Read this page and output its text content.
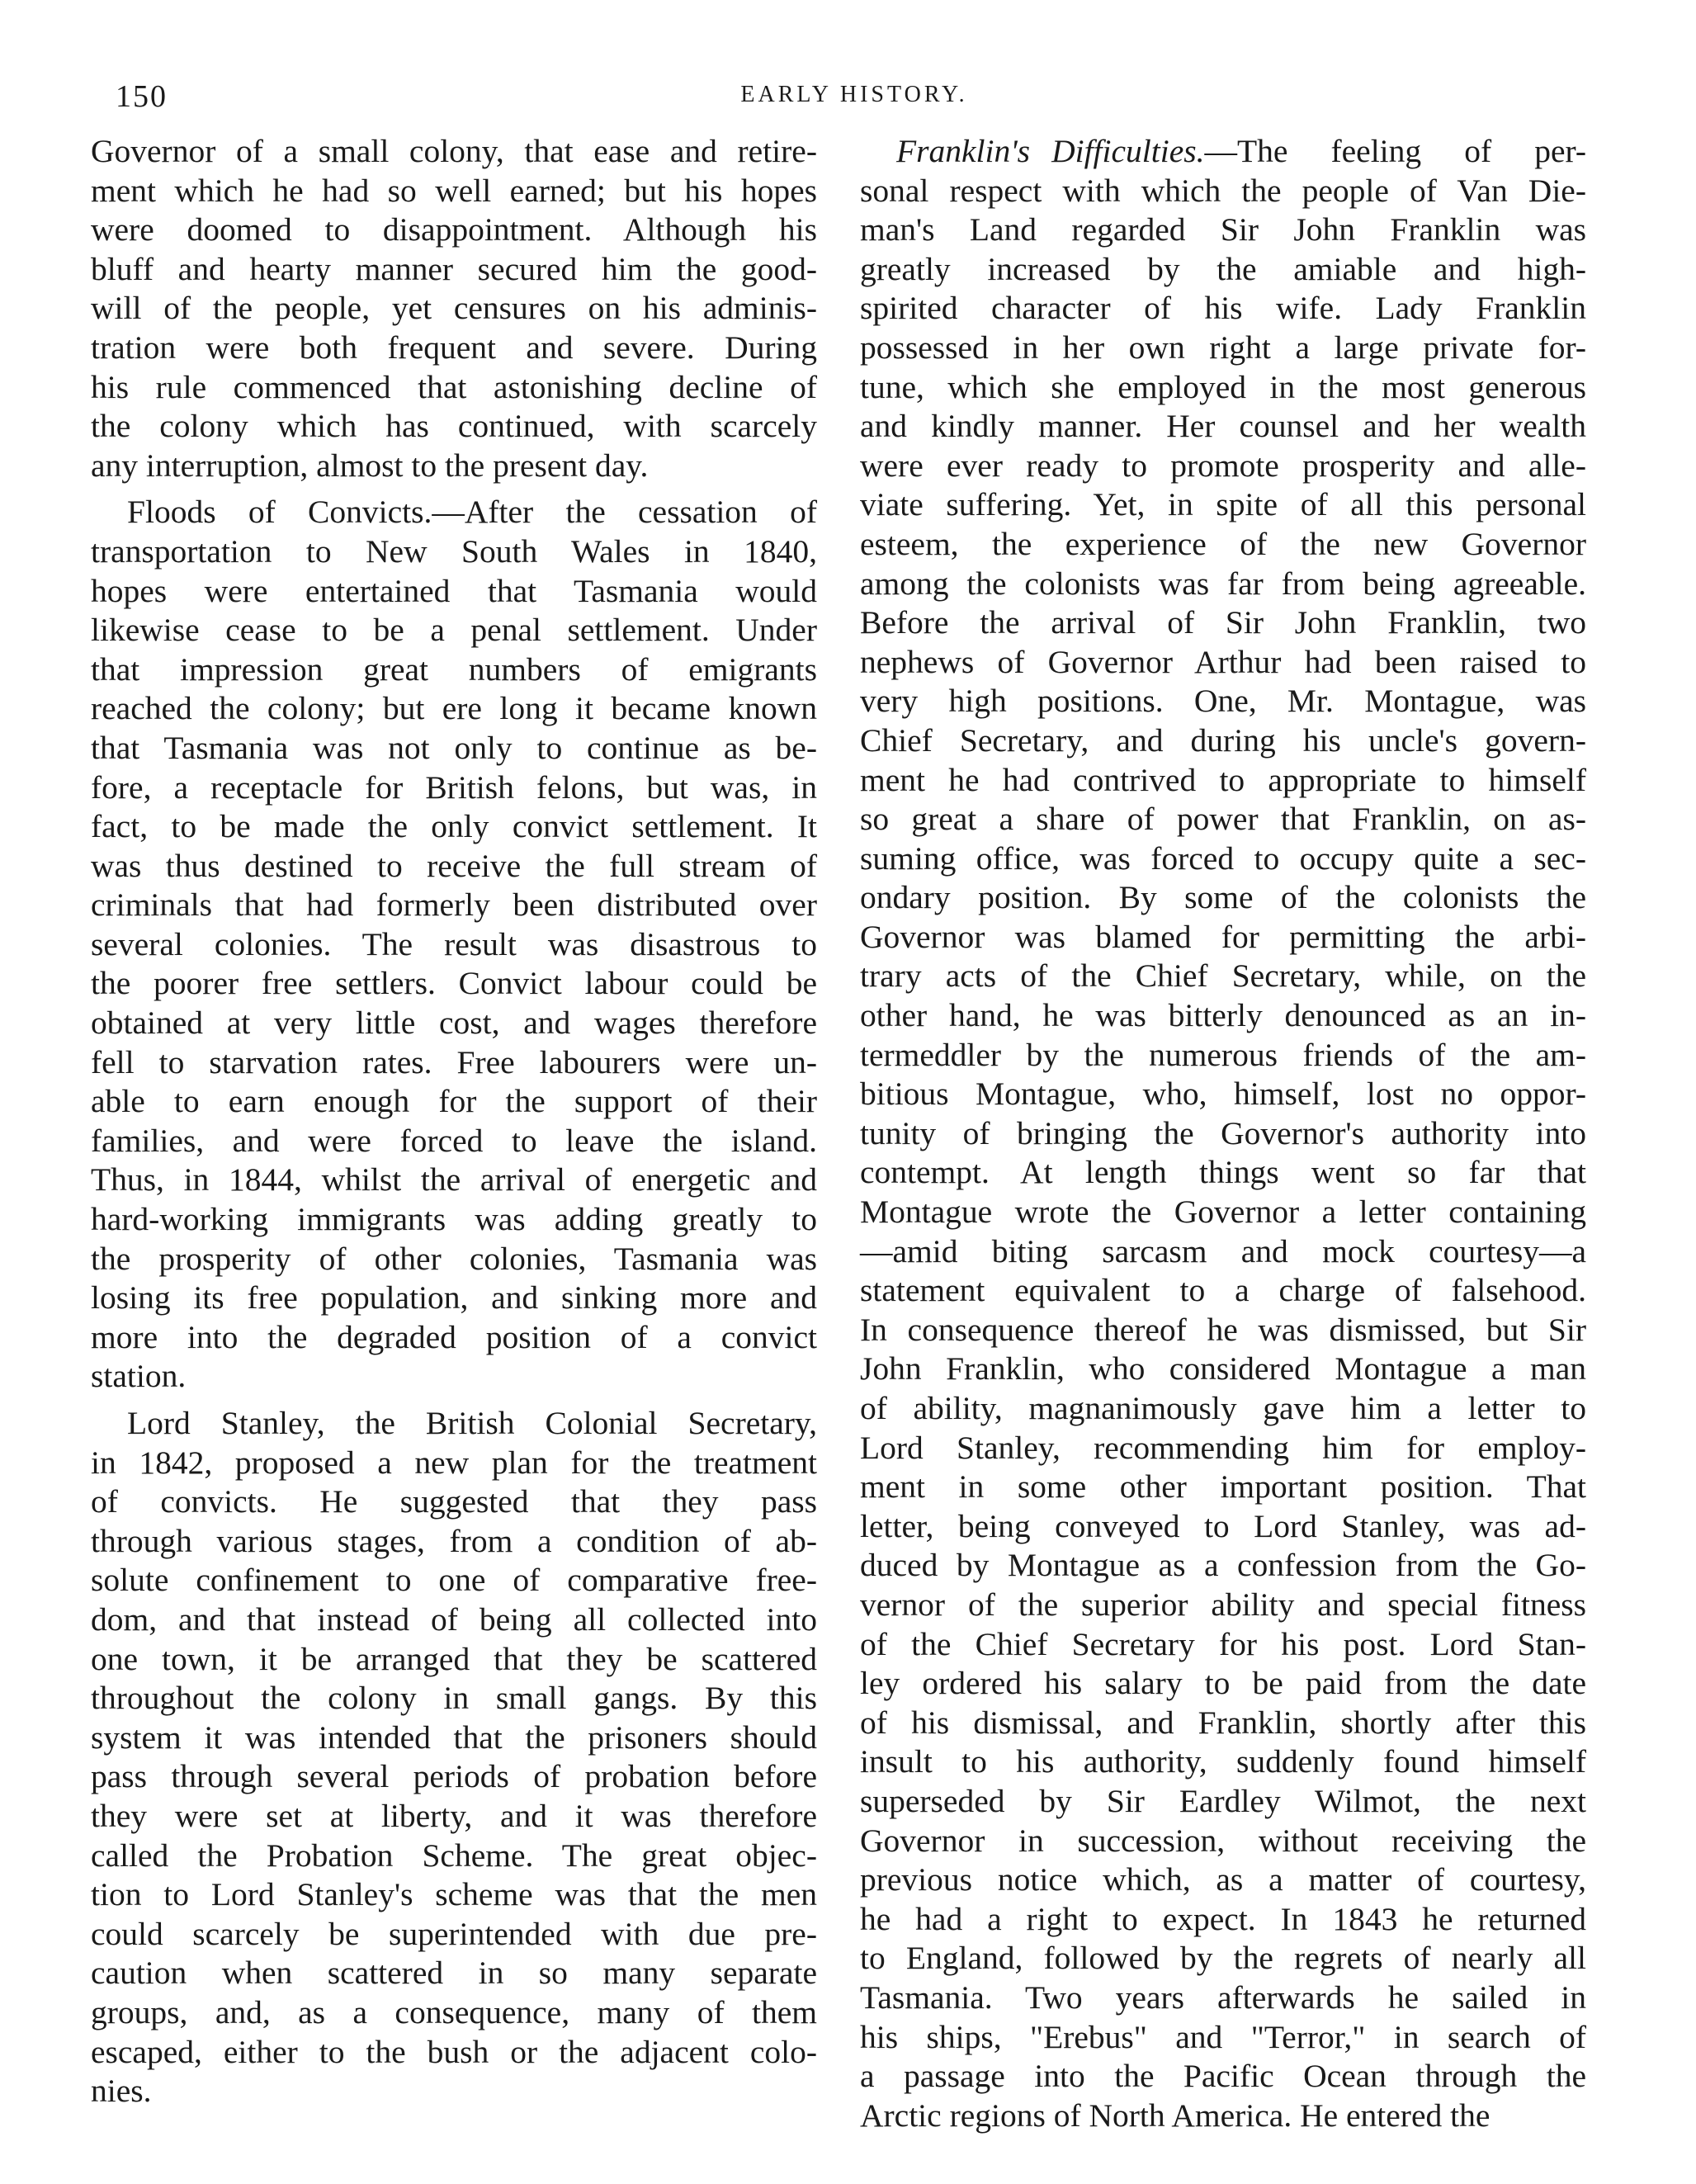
150	EARLY HISTORY.

Governor of a small colony, that ease and retire-
ment which he had so well earned; but his hopes
were doomed to disappointment. Although his
bluff and hearty manner secured him the good-
will of the people, yet censures on his adminis-
tration were both frequent and severe. During
his rule commenced that astonishing decline of
the colony which has continued, with scarcely
any interruption, almost to the present day.

Floods of Convicts.—After the cessation of
transportation to New South Wales in 1840,
hopes were entertained that Tasmania would
likewise cease to be a penal settlement. Under
that impression great numbers of emigrants
reached the colony; but ere long it became known
that Tasmania was not only to continue as be-
fore, a receptacle for British felons, but was, in
fact, to be made the only convict settlement. It
was thus destined to receive the full stream of
criminals that had formerly been distributed over
several colonies. The result was disastrous to
the poorer free settlers. Convict labour could be
obtained at very little cost, and wages therefore
fell to starvation rates. Free labourers were un-
able to earn enough for the support of their
families, and were forced to leave the island.
Thus, in 1844, whilst the arrival of energetic and
hard-working immigrants was adding greatly to
the prosperity of other colonies, Tasmania was
losing its free population, and sinking more and
more into the degraded position of a convict
station.

Lord Stanley, the British Colonial Secretary,
in 1842, proposed a new plan for the treatment
of convicts. He suggested that they pass
through various stages, from a condition of ab-
solute confinement to one of comparative free-
dom, and that instead of being all collected into
one town, it be arranged that they be scattered
throughout the colony in small gangs. By this
system it was intended that the prisoners should
pass through several periods of probation before
they were set at liberty, and it was therefore
called the Probation Scheme. The great objec-
tion to Lord Stanley's scheme was that the men
could scarcely be superintended with due pre-
caution when scattered in so many separate
groups, and, as a consequence, many of them
escaped, either to the bush or the adjacent colo-
nies.

Franklin's Difficulties.—The  feeling  of  per-
sonal respect with which the people of Van Die-
man's Land regarded Sir John Franklin was
greatly increased by the amiable and high-
spirited character of his wife. Lady Franklin
possessed in her own right a large private for-
tune, which she employed in the most generous
and kindly manner. Her counsel and her wealth
were ever ready to promote prosperity and alle-
viate suffering. Yet, in spite of all this personal
esteem, the experience of the new Governor
among the colonists was far from being agreeable.
Before the arrival of Sir John Franklin, two
nephews of Governor Arthur had been raised to
very high positions. One, Mr. Montague, was
Chief Secretary, and during his uncle's govern-
ment he had contrived to appropriate to himself
so great a share of power that Franklin, on as-
suming office, was forced to occupy quite a sec-
ondary position. By some of the colonists the
Governor was blamed for permitting the arbi-
trary acts of the Chief Secretary, while, on the
other hand, he was bitterly denounced as an in-
termeddler by the numerous friends of the am-
bitious Montague, who, himself, lost no oppor-
tunity of bringing the Governor's authority into
contempt. At length things went so far that
Montague wrote the Governor a letter containing
—amid biting sarcasm and mock courtesy—a
statement equivalent to a charge of falsehood.
In consequence thereof he was dismissed, but Sir
John Franklin, who considered Montague a man
of ability, magnanimously gave him a letter to
Lord Stanley, recommending him for employ-
ment in some other important position. That
letter, being conveyed to Lord Stanley, was ad-
duced by Montague as a confession from the Go-
vernor of the superior ability and special fitness
of the Chief Secretary for his post. Lord Stan-
ley ordered his salary to be paid from the date
of his dismissal, and Franklin, shortly after this
insult to his authority, suddenly found himself
superseded by Sir Eardley Wilmot, the next
Governor in succession, without receiving the
previous notice which, as a matter of courtesy,
he had a right to expect. In 1843 he returned
to England, followed by the regrets of nearly all
Tasmania. Two years afterwards he sailed in
his ships, "Erebus" and "Terror," in search of
a passage into the Pacific Ocean through the
Arctic regions of North America. He entered the
